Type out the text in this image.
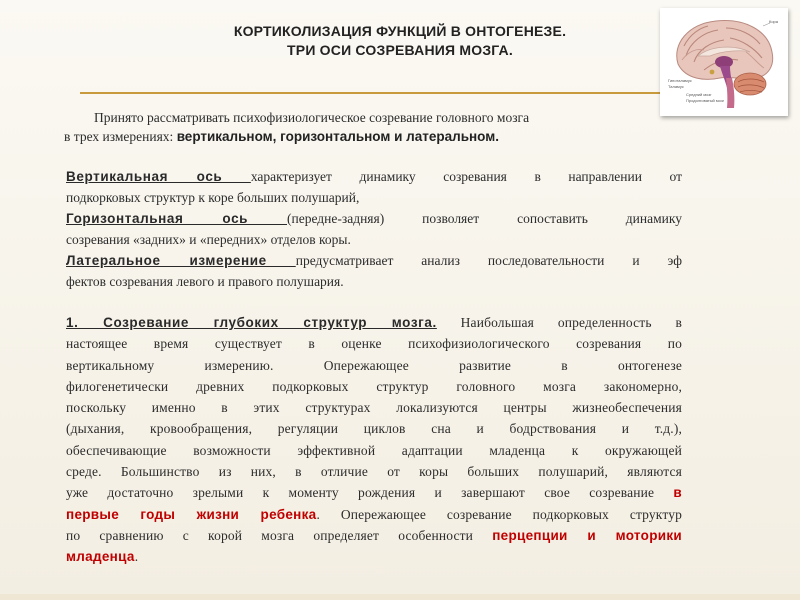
КОРТИКОЛИЗАЦИЯ ФУНКЦИЙ В ОНТОГЕНЕЗЕ.
ТРИ ОСИ СОЗРЕВАНИЯ МОЗГА.
Кора
Гипоталамус
Таламус
Средний мозг
Продолговатый мозг

Принято рассматривать психофизиологическое созревание головного мозга
в трех измерениях: вертикальном, горизонтальном и латеральном.

Вертикальная ось характеризует динамику созревания в направлении от
подкорковых структур к коре больших полушарий,
Горизонтальная ось (передне-задняя) позволяет сопоставить динамику
созревания «задних» и «передних» отделов коры.
Латеральное измерение предусматривает анализ последовательности и эф
фектов созревания левого и правого полушария.
1. Созревание глубоких структур мозга. Наибольшая определенность в
настоящее время существует в оценке психофизиологического созревания по
вертикальному измерению. Опережающее развитие в онтогенезе
филогенетически древних подкорковых структур головного мозга закономерно,
поскольку именно в этих структурах локализуются центры жизнеобеспечения
(дыхания, кровообращения, регуляции циклов сна и бодрствования и т.д.),
обеспечивающие возможности эффективной адаптации младенца к окружающей
среде. Большинство из них, в отличие от коры больших полушарий, являются
уже достаточно зрелыми к моменту рождения и завершают свое созревание в
первые годы жизни ребенка. Опережающее созревание подкорковых структур
по сравнению с корой мозга определяет особенности перцепции и моторики
младенца.
